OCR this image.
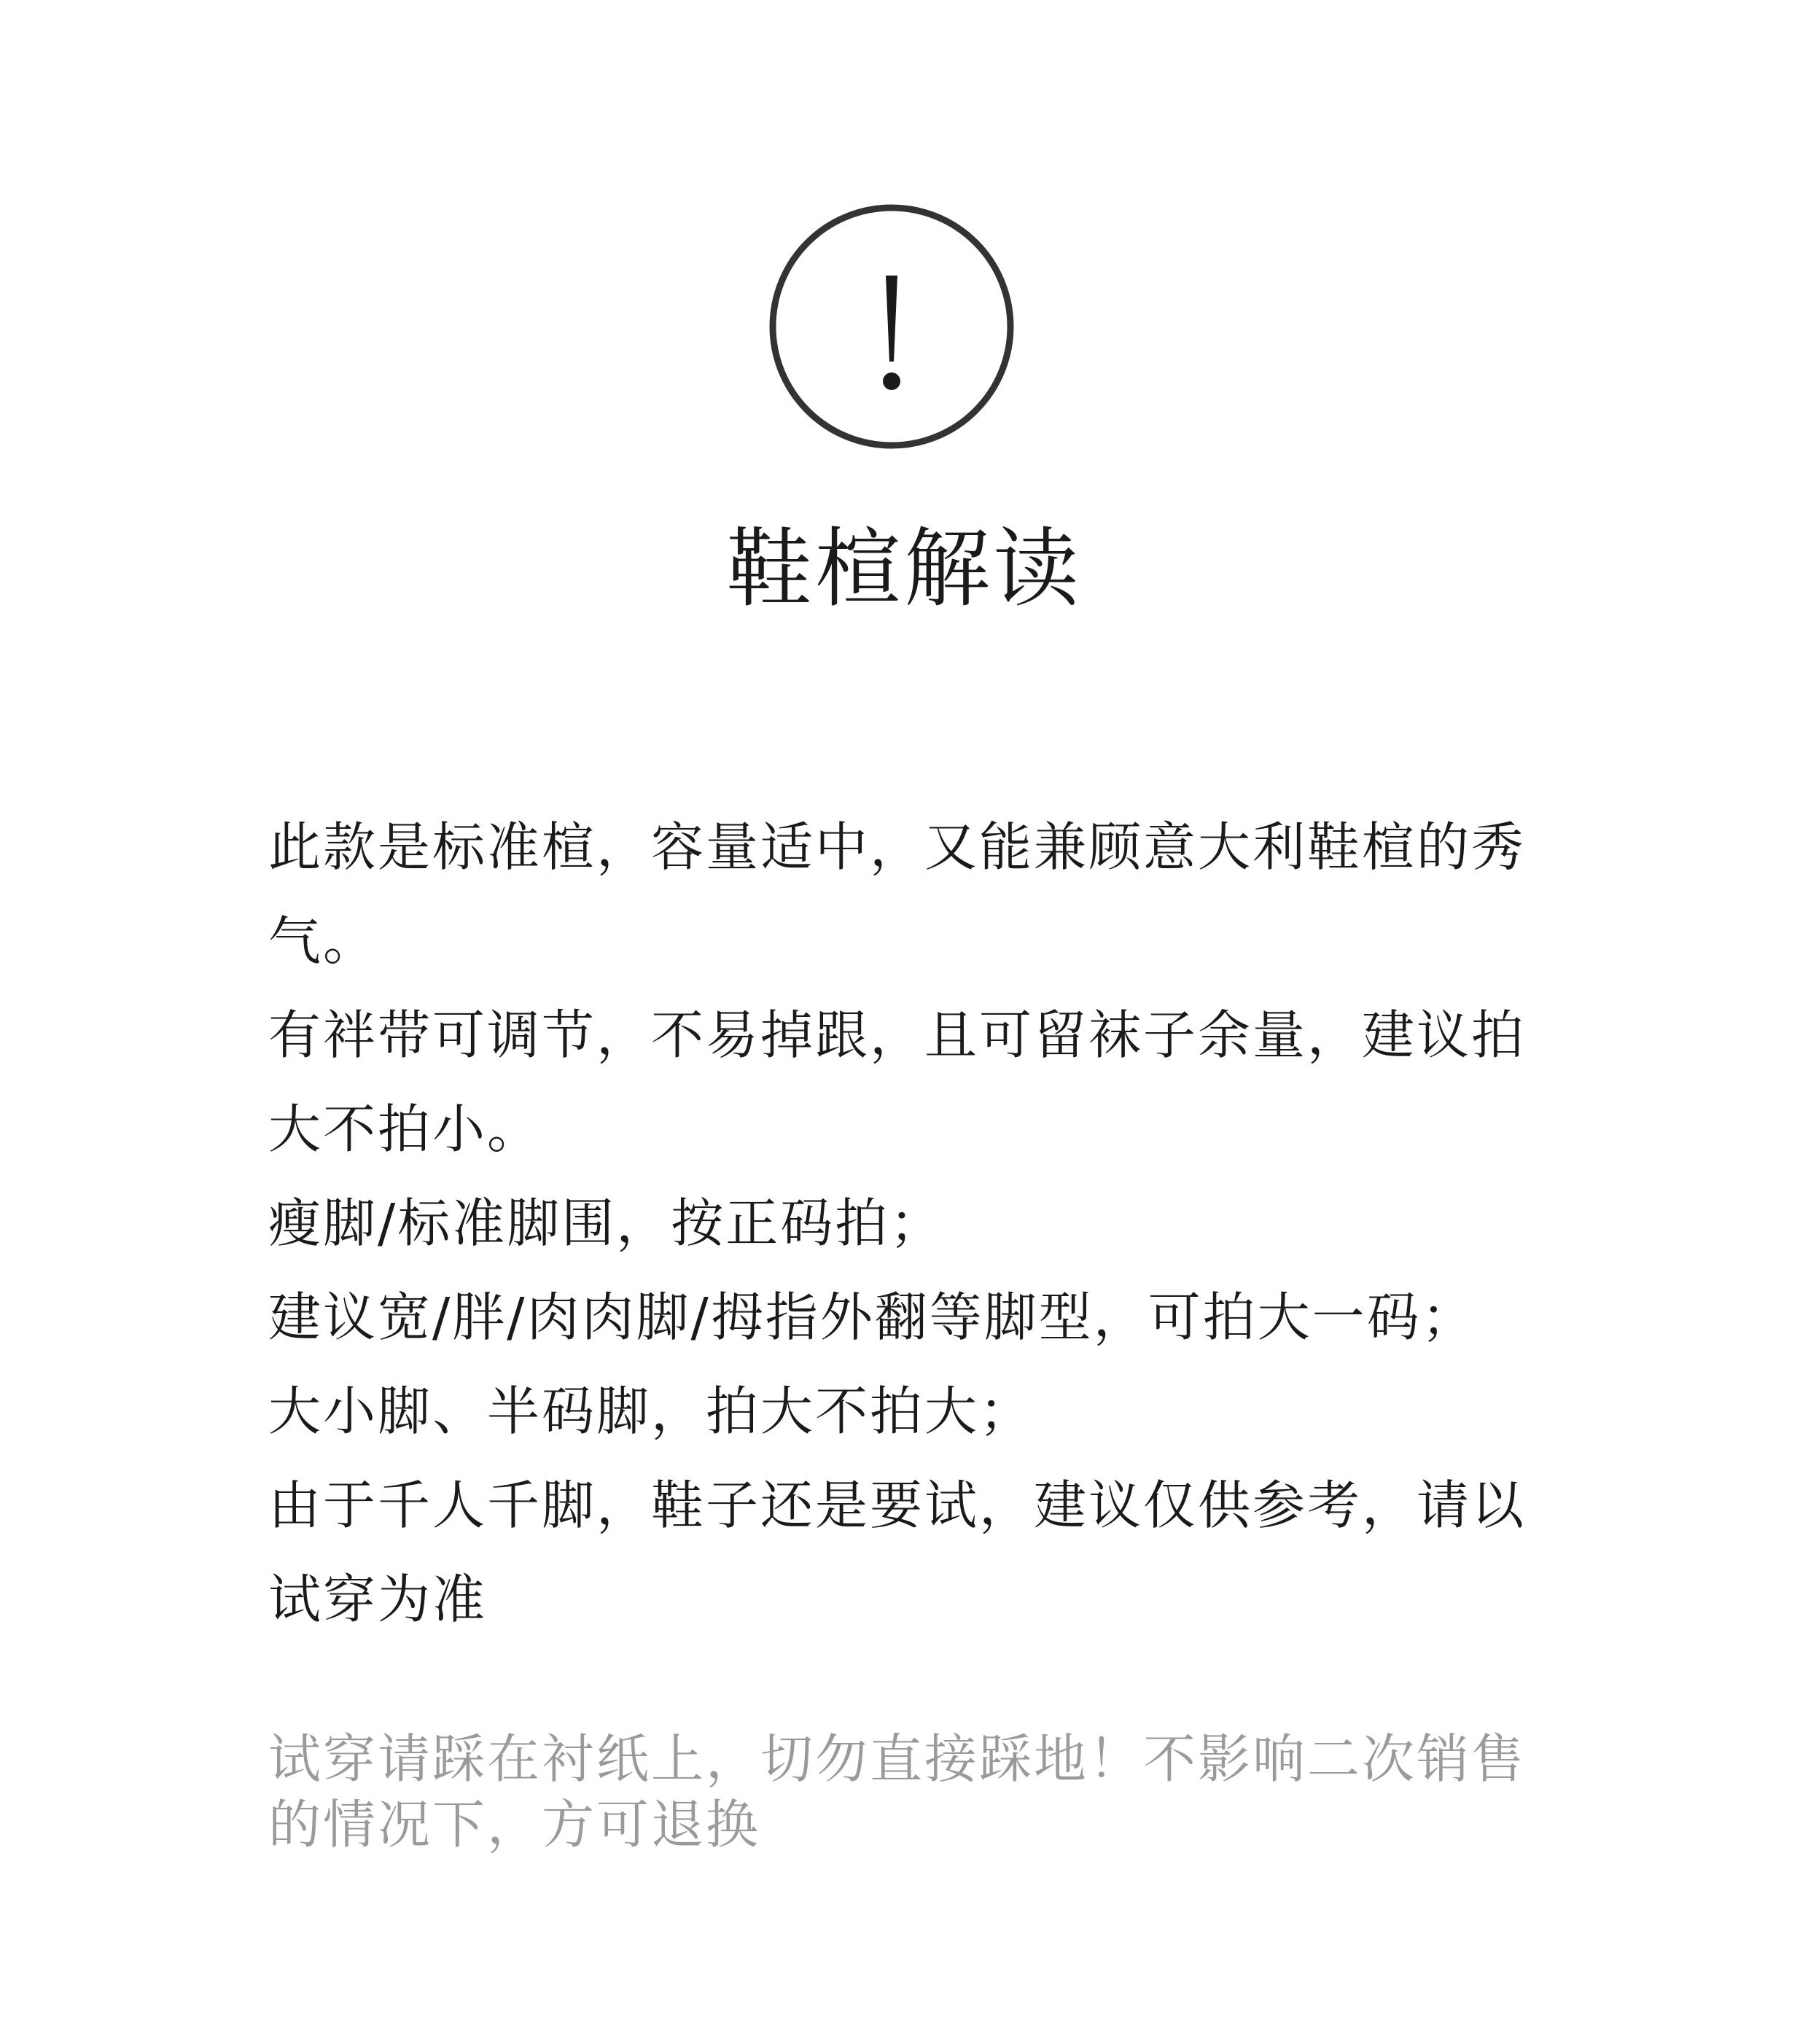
鞋楦解读

此款是标准楦，容量适中，又能兼顾意大利鞋楦的秀气。

有袢带可调节，不易掉跟，且可留袜子余量，建议拍大不拍小。

瘦脚/标准脚围，按正码拍；

建议宽/胖/肉肉脚/拇指外翻等脚型，可拍大一码；

大小脚、半码脚，拍大不拍大；

由于千人千脚，鞋子还是要试，建议仅供参考，请以试穿为准

试穿请踩在衬纸上，切勿直接踩地！不影响二次销售的情况下，方可退换
